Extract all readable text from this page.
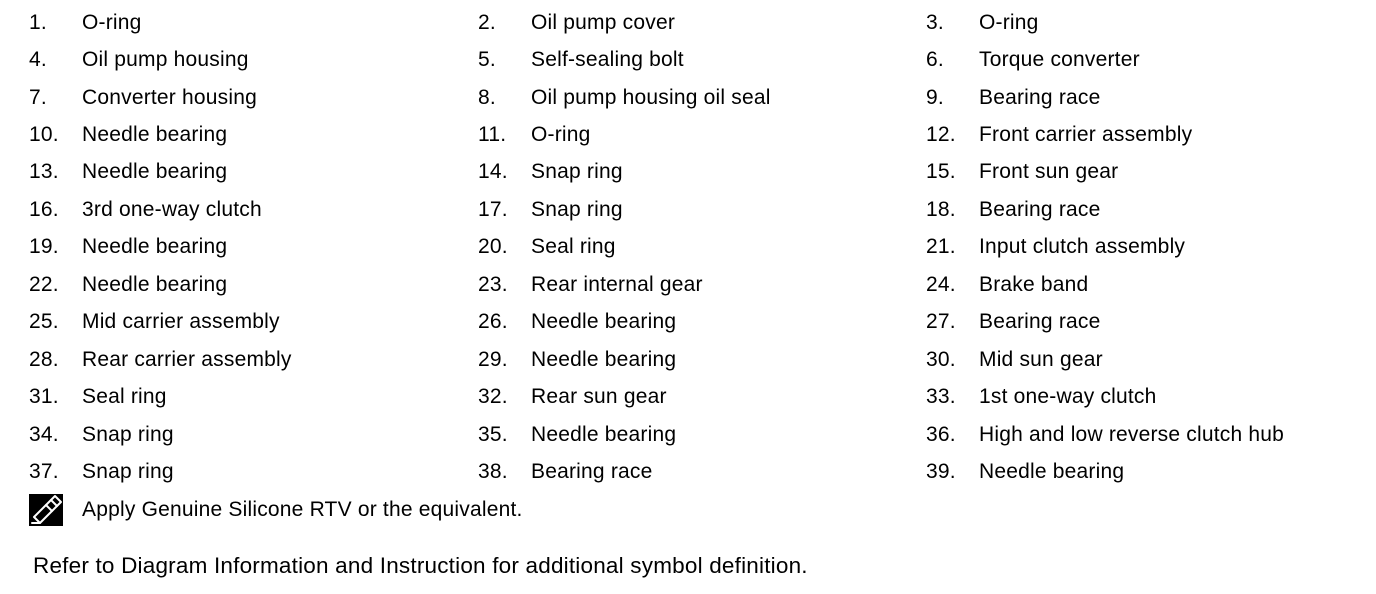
1.	O-ring	2.	Oil pump cover	3.	O-ring
4.	Oil pump housing	5.	Self-sealing bolt	6.	Torque converter
7.	Converter housing	8.	Oil pump housing oil seal	9.	Bearing race
10.	Needle bearing	11.	O-ring	12.	Front carrier assembly
13.	Needle bearing	14.	Snap ring	15.	Front sun gear
16.	3rd one-way clutch	17.	Snap ring	18.	Bearing race
19.	Needle bearing	20.	Seal ring	21.	Input clutch assembly
22.	Needle bearing	23.	Rear internal gear	24.	Brake band
25.	Mid carrier assembly	26.	Needle bearing	27.	Bearing race
28.	Rear carrier assembly	29.	Needle bearing	30.	Mid sun gear
31.	Seal ring	32.	Rear sun gear	33.	1st one-way clutch
34.	Snap ring	35.	Needle bearing	36.	High and low reverse clutch hub
37.	Snap ring	38.	Bearing race	39.	Needle bearing
Apply Genuine Silicone RTV or the equivalent.
Refer to Diagram Information and Instruction for additional symbol definition.
